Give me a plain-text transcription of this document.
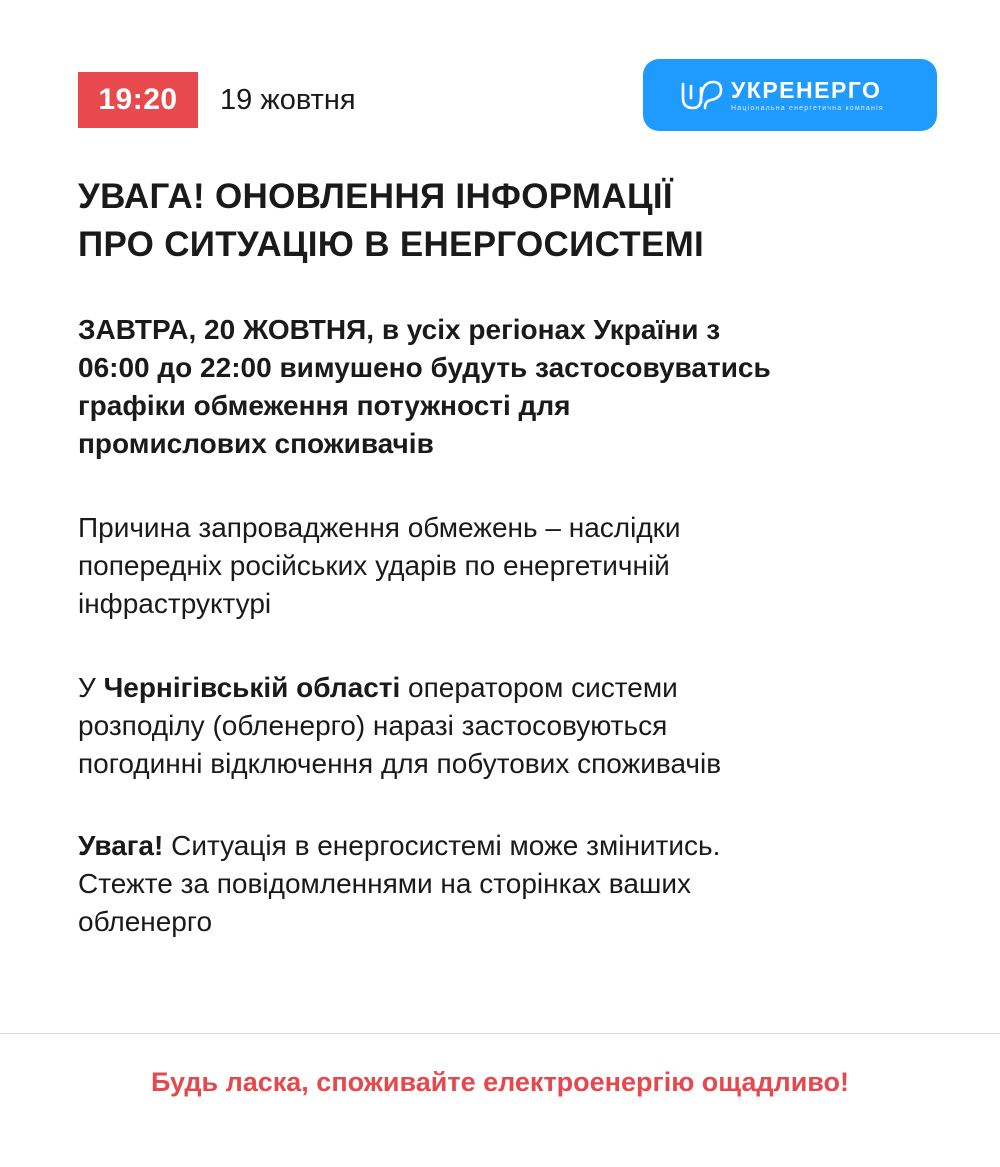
19:20	19 жовтня	УКРЕНЕРГО
Національна енергетична компанія
УВАГА! ОНОВЛЕННЯ ІНФОРМАЦІЇ
ПРО СИТУАЦІЮ В ЕНЕРГОСИСТЕМІ

ЗАВТРА, 20 ЖОВТНЯ, в усіх регіонах України з
06:00 до 22:00 вимушено будуть застосовуватись
графіки обмеження потужності для
промислових споживачів

Причина запровадження обмежень – наслідки
попередніх російських ударів по енергетичній
інфраструктурі

У Чернігівській області оператором системи
розподілу (обленерго) наразі застосовуються
погодинні відключення для побутових споживачів

Увага! Ситуація в енергосистемі може змінитись.
Стежте за повідомленнями на сторінках ваших
обленерго

Будь ласка, споживайте електроенергію ощадливо!
